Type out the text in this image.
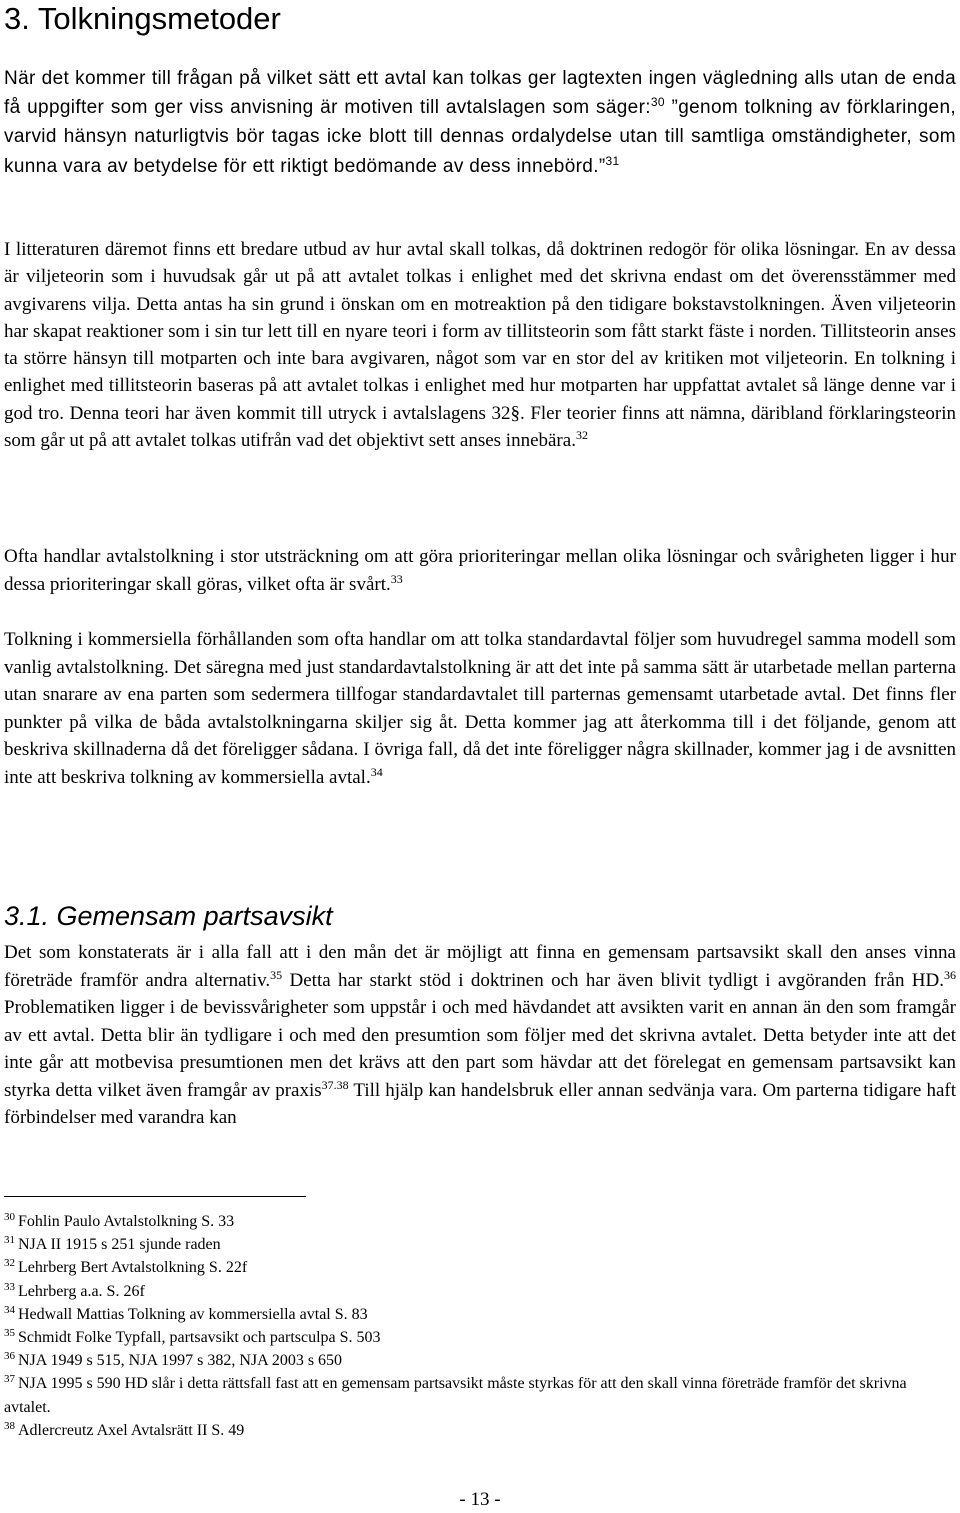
3. Tolkningsmetoder

När det kommer till frågan på vilket sätt ett avtal kan tolkas ger lagtexten ingen vägledning alls utan de enda få uppgifter som ger viss anvisning är motiven till avtalslagen som säger:$^{30}$ ”genom tolkning av förklaringen, varvid hänsyn naturligtvis bör tagas icke blott till dennas ordalydelse utan till samtliga omständigheter, som kunna vara av betydelse för ett riktigt bedömande av dess innebörd.”$^{31}$

I litteraturen däremot finns ett bredare utbud av hur avtal skall tolkas, då doktrinen redogör för olika lösningar. En av dessa är viljeteorin som i huvudsak går ut på att avtalet tolkas i enlighet med det skrivna endast om det överensstämmer med avgivarens vilja. Detta antas ha sin grund i önskan om en motreaktion på den tidigare bokstavstolkningen. Även viljeteorin har skapat reaktioner som i sin tur lett till en nyare teori i form av tillitsteorin som fått starkt fäste i norden. Tillitsteorin anses ta större hänsyn till motparten och inte bara avgivaren, något som var en stor del av kritiken mot viljeteorin. En tolkning i enlighet med tillitsteorin baseras på att avtalet tolkas i enlighet med hur motparten har uppfattat avtalet så länge denne var i god tro. Denna teori har även kommit till utryck i avtalslagens 32§. Fler teorier finns att nämna, däribland förklaringsteorin som går ut på att avtalet tolkas utifrån vad det objektivt sett anses innebära.$^{32}$

Ofta handlar avtalstolkning i stor utsträckning om att göra prioriteringar mellan olika lösningar och svårigheten ligger i hur dessa prioriteringar skall göras, vilket ofta är svårt.$^{33}$

Tolkning i kommersiella förhållanden som ofta handlar om att tolka standardavtal följer som huvudregel samma modell som vanlig avtalstolkning. Det säregna med just standardavtalstolkning är att det inte på samma sätt är utarbetade mellan parterna utan snarare av ena parten som sedermera tillfogar standardavtalet till parternas gemensamt utarbetade avtal. Det finns fler punkter på vilka de båda avtalstolkningarna skiljer sig åt. Detta kommer jag att återkomma till i det följande, genom att beskriva skillnaderna då det föreligger sådana. I övriga fall, då det inte föreligger några skillnader, kommer jag i de avsnitten inte att beskriva tolkning av kommersiella avtal.$^{34}$

3.1. Gemensam partsavsikt

Det som konstaterats är i alla fall att i den mån det är möjligt att finna en gemensam partsavsikt skall den anses vinna företräde framför andra alternativ.$^{35}$ Detta har starkt stöd i doktrinen och har även blivit tydligt i avgöranden från HD.$^{36}$ Problematiken ligger i de bevissvårigheter som uppstår i och med hävdandet att avsikten varit en annan än den som framgår av ett avtal. Detta blir än tydligare i och med den presumtion som följer med det skrivna avtalet. Detta betyder inte att det inte går att motbevisa presumtionen men det krävs att den part som hävdar att det förelegat en gemensam partsavsikt kan styrka detta vilket även framgår av praxis$^{37.38}$ Till hjälp kan handelsbruk eller annan sedvänja vara. Om parterna tidigare haft förbindelser med varandra kan

$^{30}$ Fohlin Paulo Avtalstolkning S. 33

$^{31}$ NJA II 1915 s 251 sjunde raden

$^{32}$ Lehrberg Bert Avtalstolkning S. 22f

$^{33}$ Lehrberg a.a. S. 26f

$^{34}$ Hedwall Mattias Tolkning av kommersiella avtal S. 83

$^{35}$ Schmidt Folke Typfall, partsavsikt och partsculpa S. 503

$^{36}$ NJA 1949 s 515, NJA 1997 s 382, NJA 2003 s 650

$^{37}$ NJA 1995 s 590 HD slår i detta rättsfall fast att en gemensam partsavsikt måste styrkas för att den skall vinna företräde framför det skrivna avtalet.

$^{38}$ Adlercreutz Axel Avtalsrätt II S. 49

- 13 -
